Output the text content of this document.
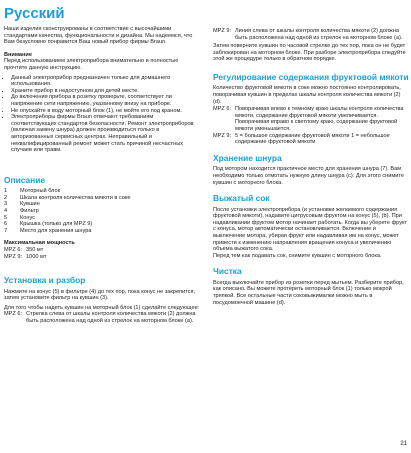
Русский

Наши изделия сконструированы в соответствие с высочайшими стандартами качества, функциональности и дизайна. Мы надеемся, что Вам безусловно понравится Ваш новый прибор фирмы Braun.

Внимание

Перед использованием электроприбора внимательно и полностью прочтите данную инструкцию.

• Данный электроприбор предназначен только для домашнего использования.
• Храните прибор в недоступном для детей месте.
• До включения прибора в розетку проверьте, соответствует ли напряжение сети напряжению, указанному внизу на приборе.
• Не опускайте в воду моторный блок (1), не мойте его под краном.
• Электроприборы фирмы Braun отвечают требованиям соответствующих стандартов безопасности. Ремонт электроприборов (включая замену шнура) должен производиться только в авторизованных сервисных центрах. Неправильный и неквалифицированный ремонт может стать причиной несчастных случаев или травм.
Описание
1	Моторный блок
2	Шкала контроля количества мякоти в соке
3	Кувшин
4	Фильтр
5	Конус
6	Крышка (только для MPZ 9)
7	Место для хранения шнура

Максимальная мощность

MPZ 6: 350 мт
MPZ 9: 1000 мт
Установка и разбор

Нажмите на конус (5) в фильтре (4) до тех пор, пока конус не закрепится, затем установите фильтр на кувшин (3).

Для того чтобы надеть кувшин на моторный блок (1) сделайте следующее:

MPZ 6: Стрелка слева от шкалы контроля количества мякоти (2) должна быть расположена над одной из стрелок на моторном блоке (a).
MPZ 9: Линия слева от шкалы контроля количества мякоти (2) должна быть расположена над одной из стрелок на моторном блоке (a).

Затем поверните кувшин по часовой стрелке до тех пор, пока он не будет заблокирован на моторном блоке. При разборе электроприбора следуйте этой же процедуре только в обратном порядке.

Регулирование содержания фруктовой мякоти

Количество фруктовой мякоти в соке можно постоянно контролировать, поворачивая кувшин в пределах шкалы контроля количества мякоти (2) (d).

MPZ 6: Поворачивая влево к темному краю шкалы контроля количества мякоти, содержание фруктовой мякоти увеличивается. Поворачивая вправо к светлому краю, содержание фруктовой мякоти уменьшается.
MPZ 9: 5 = большое содержание фруктовой мякоти 1 = небольшое содержание фруктовой мякоти
Хранение шнура

Под мотором находится практичное место для хранения шнура (7). Вам необходимо только отмотать нужную длину шнура (c). Для этого снимите кувшин с моторного блока.

Выжатый сок

После установки электроприбора (и установки желаемого содержания фруктовой мякоти), надавите цитрусовым фруктом на конус (5), (b). При надавливании фруктом мотор начинает работать. Когда вы уберете фрукт с конуса, мотор автоматически остановливается. Включение и выключение мотора, убирая фрукт или надавливая им на конус, может привести к изменению направления вращения конуса и увеличению объема выжатого сока.

Перед тем как подавать сок, снимите кувшин с моторного блока.

Чистка

Всегда выключайте прибор из розетки перед мытьем. Разберите прибор, как описано. Вы можете протереть моторный блок (1) только мокрой тряпкой. Все остальные части соковыжималки можно мыть в посудомоечной машине (d).

21
